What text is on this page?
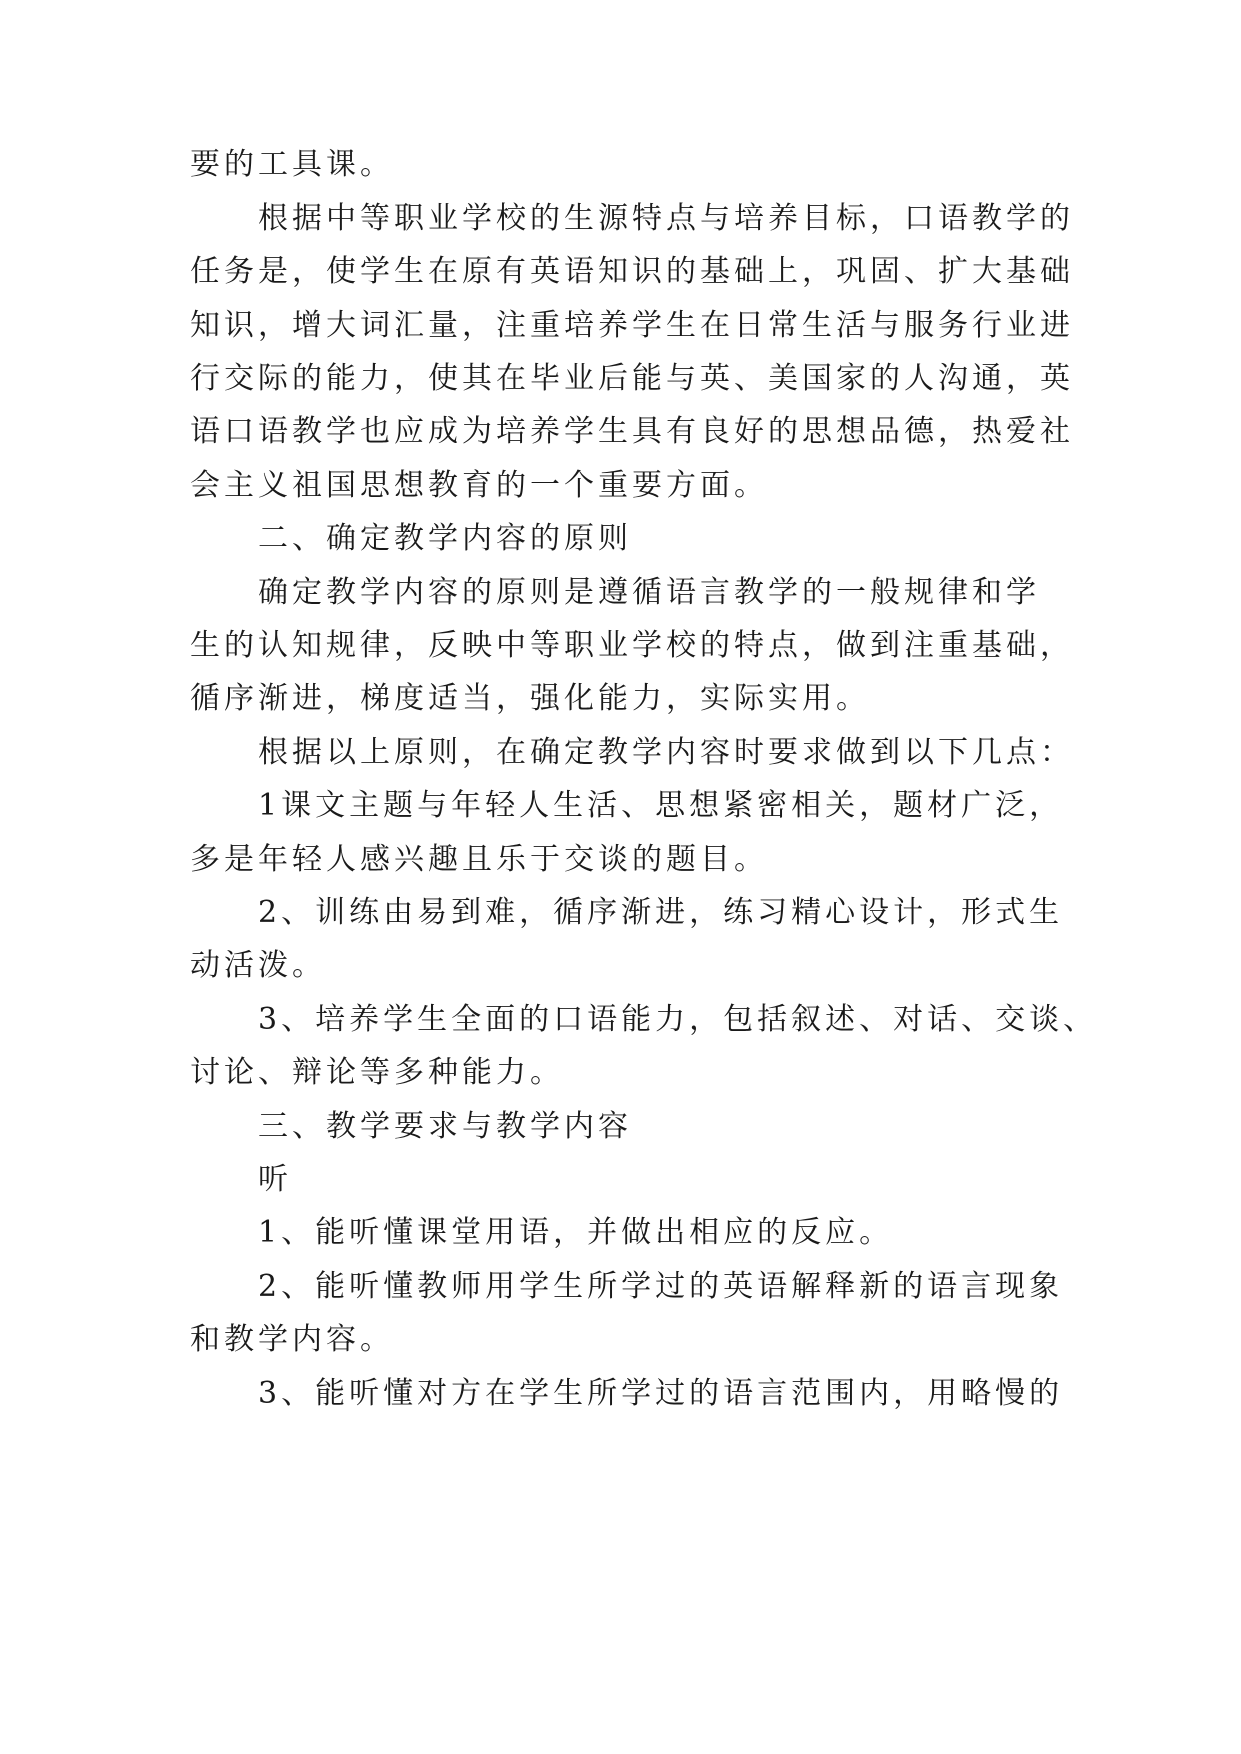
要的工具课。
根据中等职业学校的生源特点与培养目标，口语教学的
任务是，使学生在原有英语知识的基础上，巩固、扩大基础
知识，增大词汇量，注重培养学生在日常生活与服务行业进
行交际的能力，使其在毕业后能与英、美国家的人沟通，英
语口语教学也应成为培养学生具有良好的思想品德，热爱社
会主义祖国思想教育的一个重要方面。
二、确定教学内容的原则
确定教学内容的原则是遵循语言教学的一般规律和学
生的认知规律，反映中等职业学校的特点，做到注重基础，
循序渐进，梯度适当，强化能力，实际实用。
根据以上原则，在确定教学内容时要求做到以下几点：
1课文主题与年轻人生活、思想紧密相关，题材广泛，
多是年轻人感兴趣且乐于交谈的题目。
2、训练由易到难，循序渐进，练习精心设计，形式生
动活泼。
3、培养学生全面的口语能力，包括叙述、对话、交谈、
讨论、辩论等多种能力。
三、教学要求与教学内容
听
1、能听懂课堂用语，并做出相应的反应。
2、能听懂教师用学生所学过的英语解释新的语言现象
和教学内容。
3、能听懂对方在学生所学过的语言范围内，用略慢的
